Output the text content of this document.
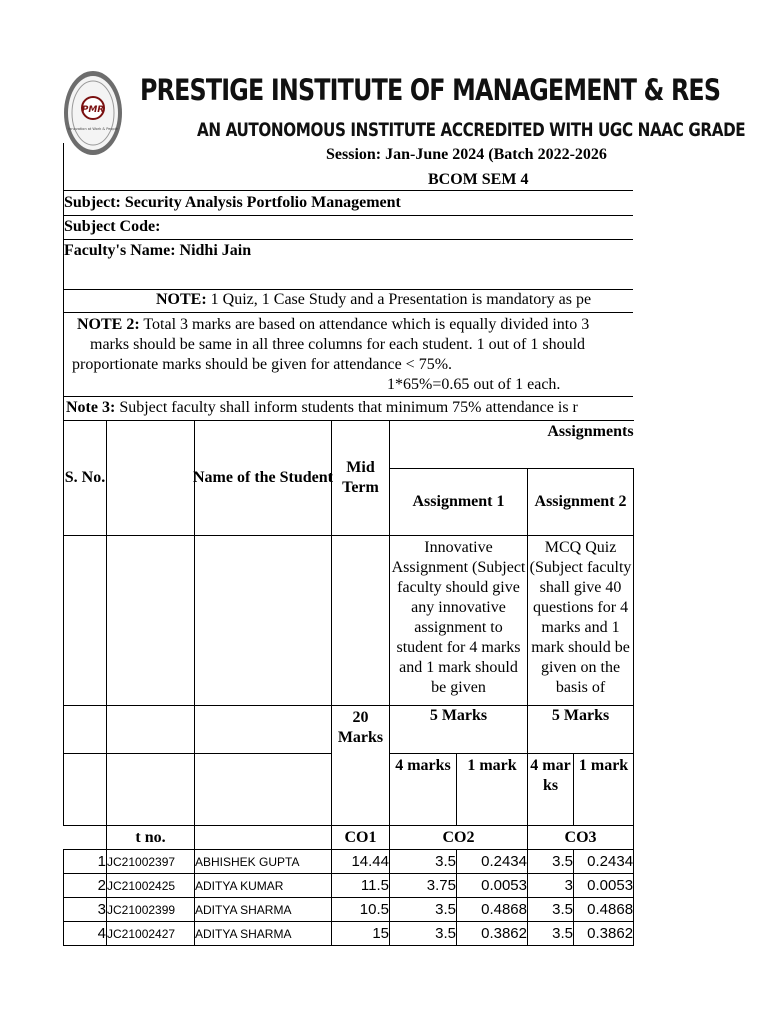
PMR
Innovation at Work & People
PRESTIGE INSTITUTE OF MANAGEMENT & RES
AN AUTONOMOUS INSTITUTE ACCREDITED WITH UGC NAAC GRADE
Session: Jan-June 2024 (Batch 2022-2026
BCOM SEM 4
Subject: Security Analysis Portfolio Management
Subject Code:
Faculty's Name: Nidhi Jain
NOTE: 1 Quiz, 1 Case Study and a Presentation is mandatory as pe
NOTE 2: Total 3 marks are based on attendance which is equally divided into 3
marks should be same in all three columns for each student. 1 out of 1 should
proportionate marks should be given for attendance < 75%.
1*65%=0.65 out of 1 each.
Note 3: Subject faculty shall inform students that minimum 75% attendance is r
S. No.		Name of the Student	Mid Term	Assignments			
				Assignment 1		Assignment 2	

				Innovative Assignment (Subject faculty should give any innovative assignment to student for 4 marks and 1 mark should be given		MCQ Quiz (Subject faculty shall give 40 questions for 4 marks and 1 mark should be given on the basis of	

			20 Marks	5 Marks		5 Marks	
				4 marks	1 mark	4 marks	1 mark
	t no.		CO1	CO2		CO3	
1	JC21002397	ABHISHEK GUPTA	14.44	3.5	0.2434	3.5	0.2434
2	JC21002425	ADITYA KUMAR	11.5	3.75	0.0053	3	0.0053
3	JC21002399	ADITYA SHARMA	10.5	3.5	0.4868	3.5	0.4868
4	JC21002427	ADITYA SHARMA	15	3.5	0.3862	3.5	0.3862
